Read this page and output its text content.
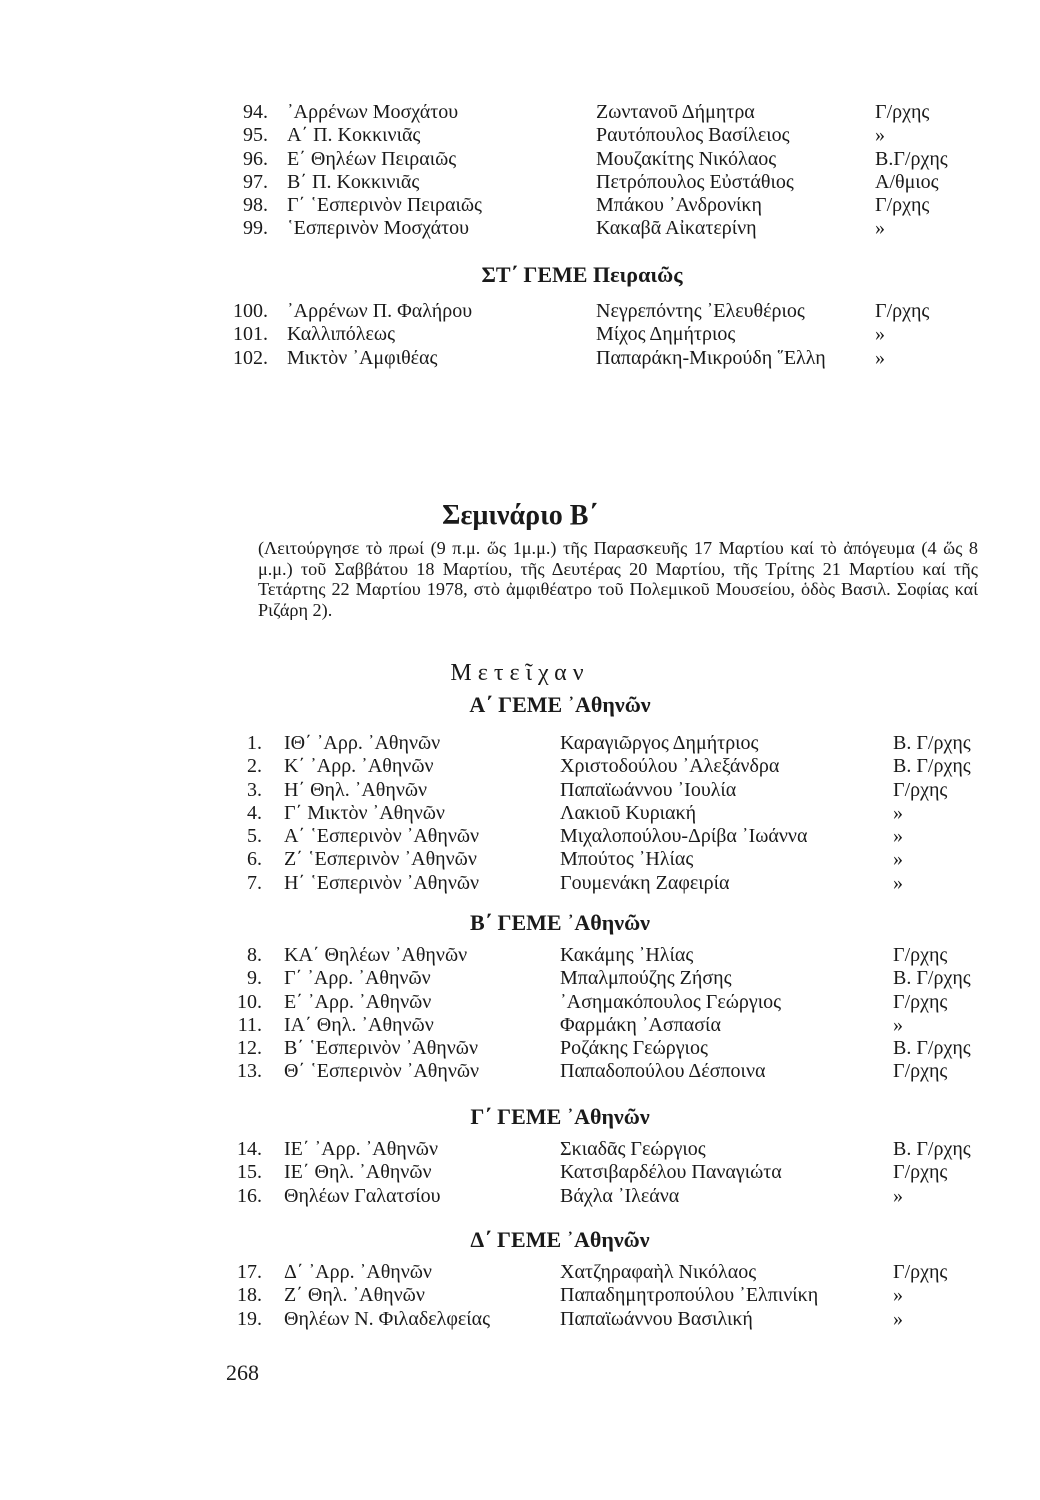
94. ᾿Αρρένων Μοσχάτου	Ζωντανοῦ Δήμητρα	Γ/ρχης
95. Α΄ Π. Κοκκινιᾶς	Ραυτόπουλος Βασίλειος	»
96. Ε΄ Θηλέων Πειραιῶς	Μουζακίτης Νικόλαος	Β.Γ/ρχης
97. Β΄ Π. Κοκκινιᾶς	Πετρόπουλος Εὐστάθιος	Α/θμιος
98. Γ΄ ῾Εσπερινὸν Πειραιῶς	Μπάκου ᾿Ανδρονίκη	Γ/ρχης
99. ῾Εσπερινὸν Μοσχάτου	Κακαβᾶ Αἰκατερίνη	»
ΣΤ΄ ΓΕΜΕ Πειραιῶς
100. ᾿Αρρένων Π. Φαλήρου	Νεγρεπόντης ᾿Ελευθέριος	Γ/ρχης
101. Καλλιπόλεως	Μίχος Δημήτριος	»
102. Μικτὸν ᾿Αμφιθέας	Παπαράκη-Μικρούδη ῞Ελλη »
Σεμινάριο Β΄
(Λειτούργησε τὸ πρωί (9 π.μ. ὥς 1μ.μ.) τῆς Παρασκευῆς 17 Μαρτίου καί τὸ ἀπόγευμα (4 ὥς 8 μ.μ.) τοῦ Σαββάτου 18 Μαρτίου, τῆς Δευτέρας 20 Μαρτίου, τῆς Τρίτης 21 Μαρτίου καί τῆς Τετάρτης 22 Μαρτίου 1978, στὸ ἀμφιθέατρο τοῦ Πολεμικοῦ Μουσείου, ὁδὸς Βασιλ. Σοφίας καί Ριζάρη 2).
Μετεῖχαν
Α΄ ΓΕΜΕ ᾿Αθηνῶν
1. ΙΘ΄ ᾿Αρρ. ᾿Αθηνῶν	Καραγιῶργος Δημήτριος	Β. Γ/ρχης
2. Κ΄ ᾿Αρρ. ᾿Αθηνῶν	Χριστοδούλου ᾿Αλεξάνδρα	Β. Γ/ρχης
3. Η΄ Θηλ. ᾿Αθηνῶν	Παπαϊωάννου ᾿Ιουλία	Γ/ρχης
4. Γ΄ Μικτὸν ᾿Αθηνῶν	Λακιοῦ Κυριακή	»
5. Α΄ ῾Εσπερινὸν ᾿Αθηνῶν	Μιχαλοπούλου-Δρίβα ᾿Ιωάννα	»
6. Ζ΄ ῾Εσπερινὸν ᾿Αθηνῶν	Μπούτος ᾿Ηλίας	»
7. Η΄ ῾Εσπερινὸν ᾿Αθηνῶν	Γουμενάκη Ζαφειρία	»
Β΄ ΓΕΜΕ ᾿Αθηνῶν
8. ΚΑ΄ Θηλέων ᾿Αθηνῶν	Κακάμης ᾿Ηλίας	Γ/ρχης
9. Γ΄ ᾿Αρρ. ᾿Αθηνῶν	Μπαλμπούζης Ζήσης	Β. Γ/ρχης
10. Ε΄ ᾿Αρρ. ᾿Αθηνῶν	᾿Ασημακόπουλος Γεώργιος	Γ/ρχης
11. ΙΑ΄ Θηλ. ᾿Αθηνῶν	Φαρμάκη ᾿Ασπασία	»
12. Β΄ ῾Εσπερινὸν ᾿Αθηνῶν	Ροζάκης Γεώργιος	Β. Γ/ρχης
13. Θ΄ ῾Εσπερινὸν ᾿Αθηνῶν	Παπαδοπούλου Δέσποινα	Γ/ρχης
Γ΄ ΓΕΜΕ ᾿Αθηνῶν
14. ΙΕ΄ ᾿Αρρ. ᾿Αθηνῶν	Σκιαδᾶς Γεώργιος	Β. Γ/ρχης
15. ΙΕ΄ Θηλ. ᾿Αθηνῶν	Κατσιβαρδέλου Παναγιώτα	Γ/ρχης
16. Θηλέων Γαλατσίου	Βάχλα ᾿Ιλεάνα	»
Δ΄ ΓΕΜΕ ᾿Αθηνῶν
17. Δ΄ ᾿Αρρ. ᾿Αθηνῶν	Χατζηραφαὴλ Νικόλαος	Γ/ρχης
18. Ζ΄ Θηλ. ᾿Αθηνῶν	Παπαδημητροπούλου ᾿Ελπινίκη	»
19. Θηλέων Ν. Φιλαδελφείας	Παπαϊωάννου Βασιλική	»
268
